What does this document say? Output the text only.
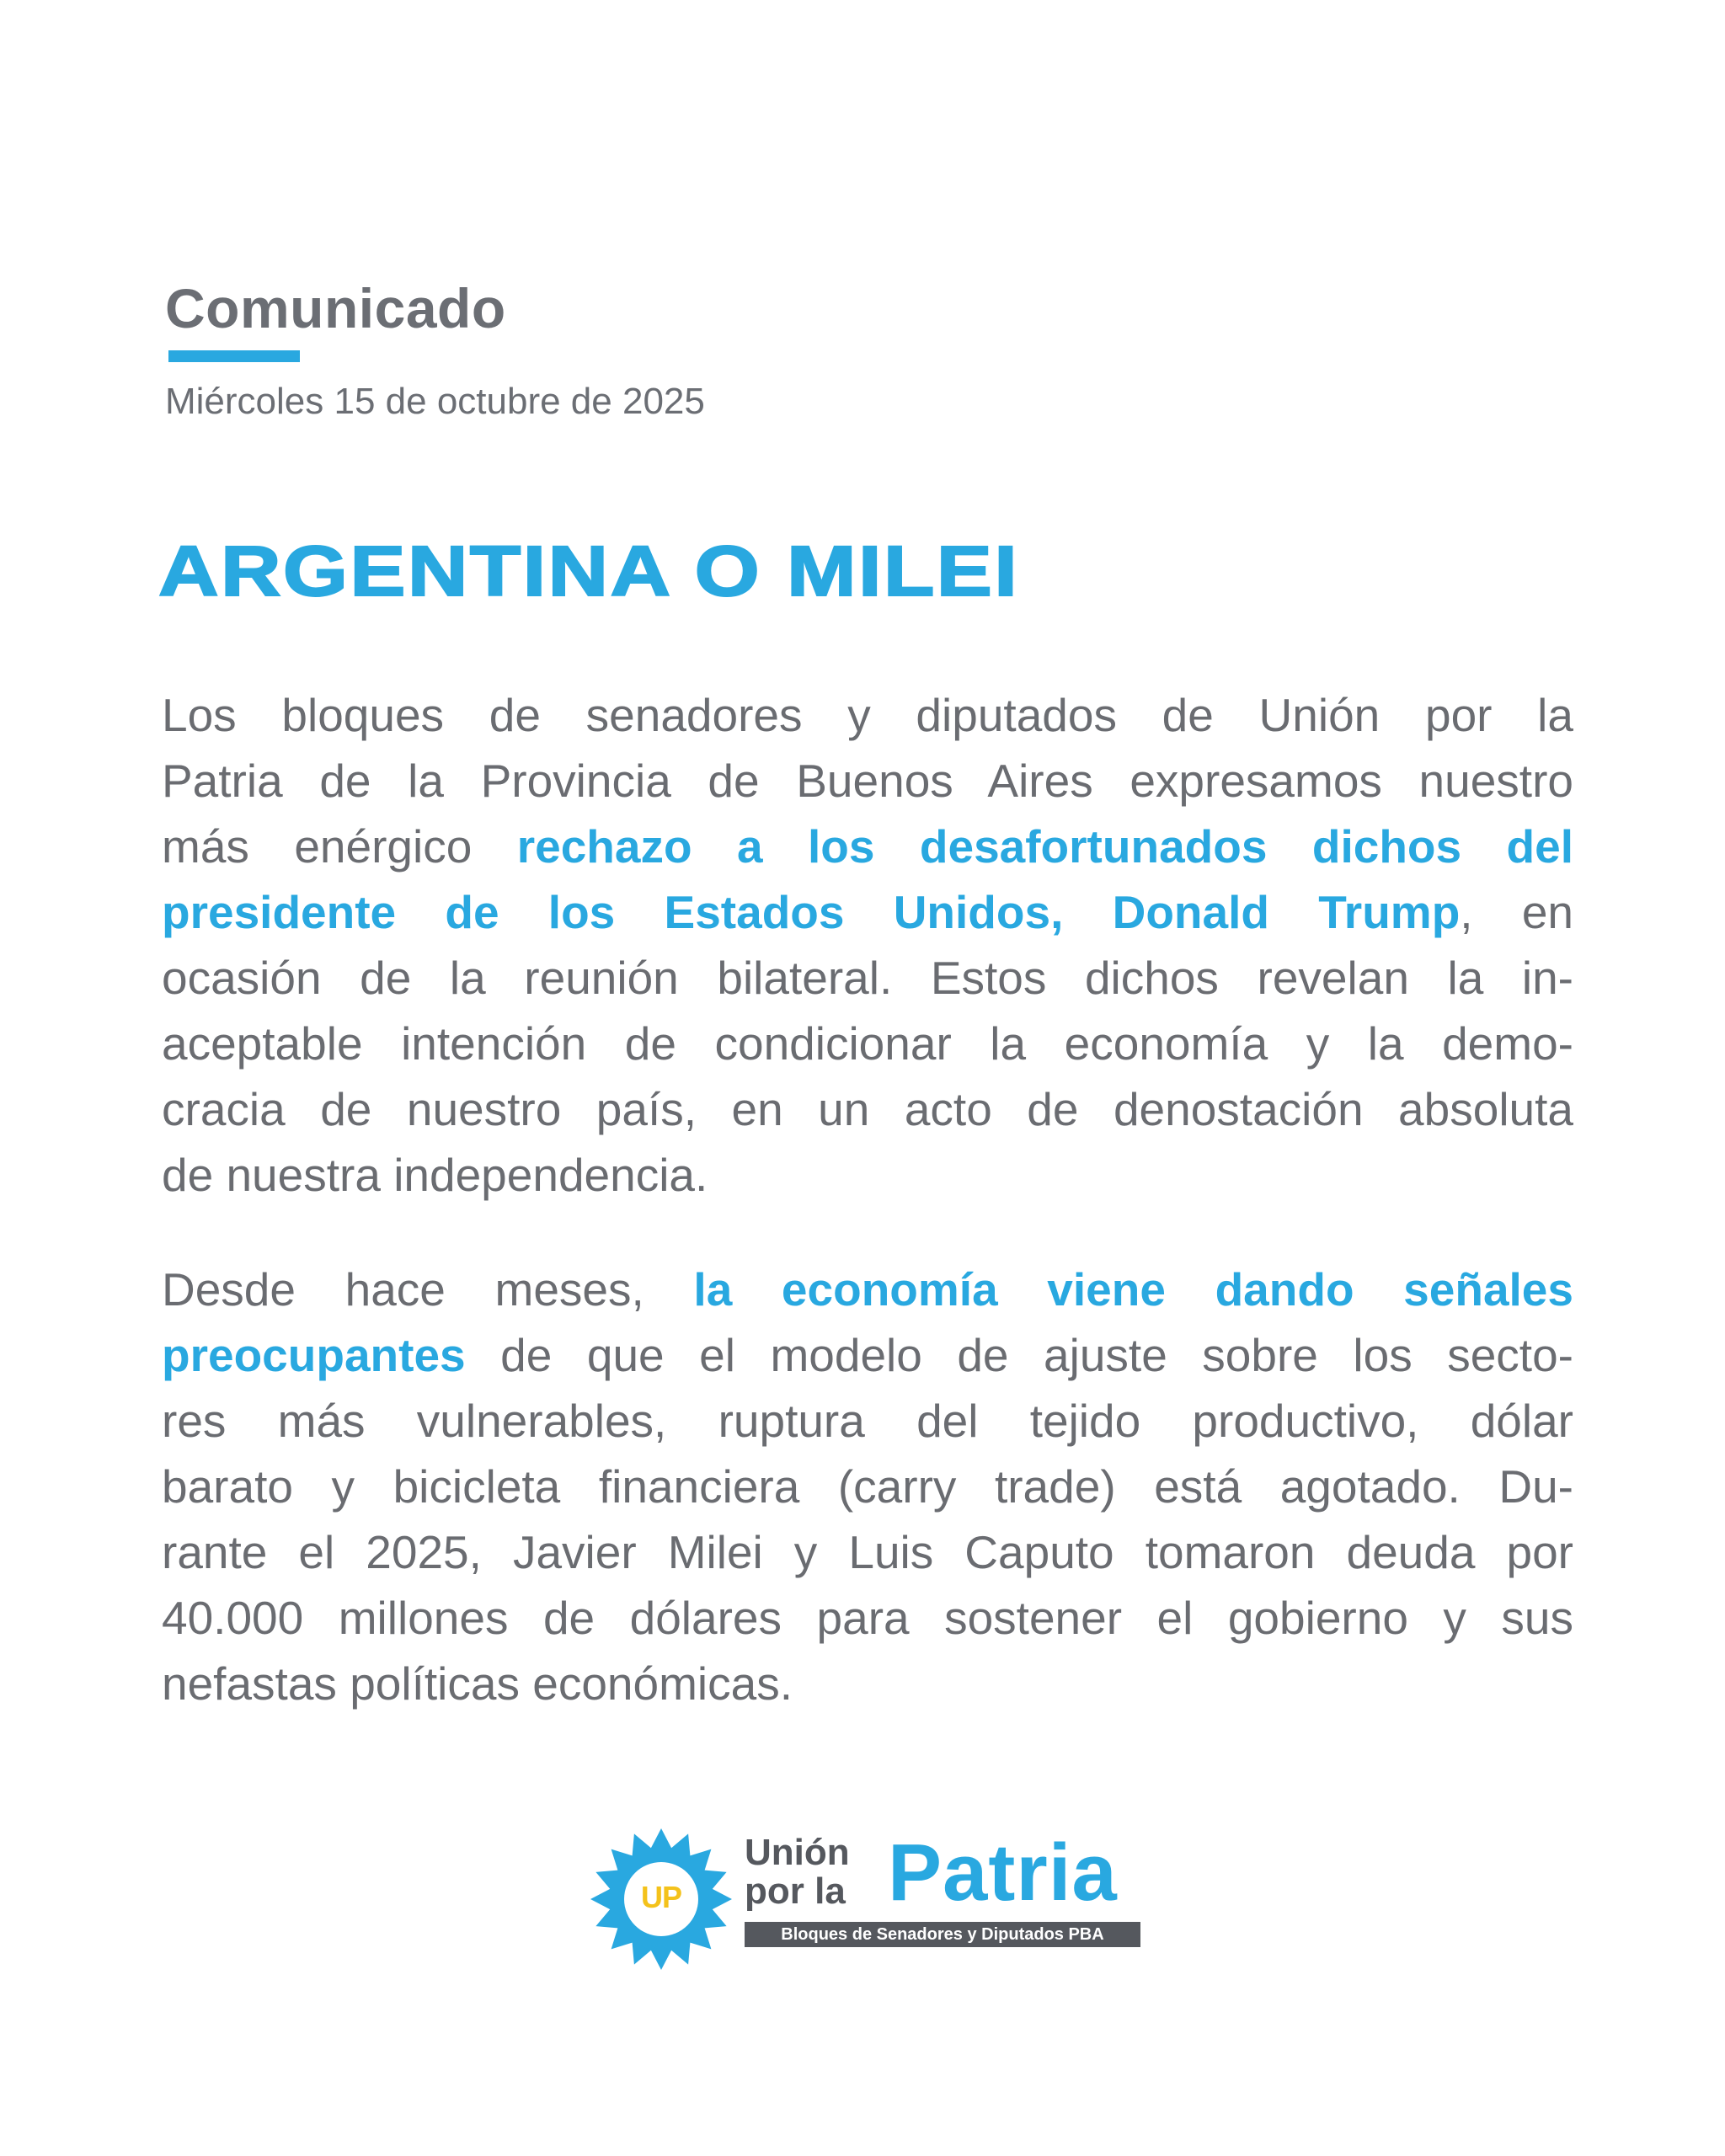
Comunicado
Miércoles 15 de octubre de 2025
ARGENTINA O MILEI
Los bloques de senadores y diputados de Unión por la
Patria de la Provincia de Buenos Aires expresamos nuestro
más enérgico rechazo a los desafortunados dichos del
presidente de los Estados Unidos, Donald Trump, en
ocasión de la reunión bilateral. Estos dichos revelan la in-
aceptable intención de condicionar la economía y la demo-
cracia de nuestro país, en un acto de denostación absoluta
de nuestra independencia.
Desde hace meses, la economía viene dando señales
preocupantes de que el modelo de ajuste sobre los secto-
res más vulnerables, ruptura del tejido productivo, dólar
barato y bicicleta financiera (carry trade) está agotado. Du-
rante el 2025, Javier Milei y Luis Caputo tomaron deuda por
40.000 millones de dólares para sostener el gobierno y sus
nefastas políticas económicas.
UP
Unión
por la Patria
Bloques de Senadores y Diputados PBA
